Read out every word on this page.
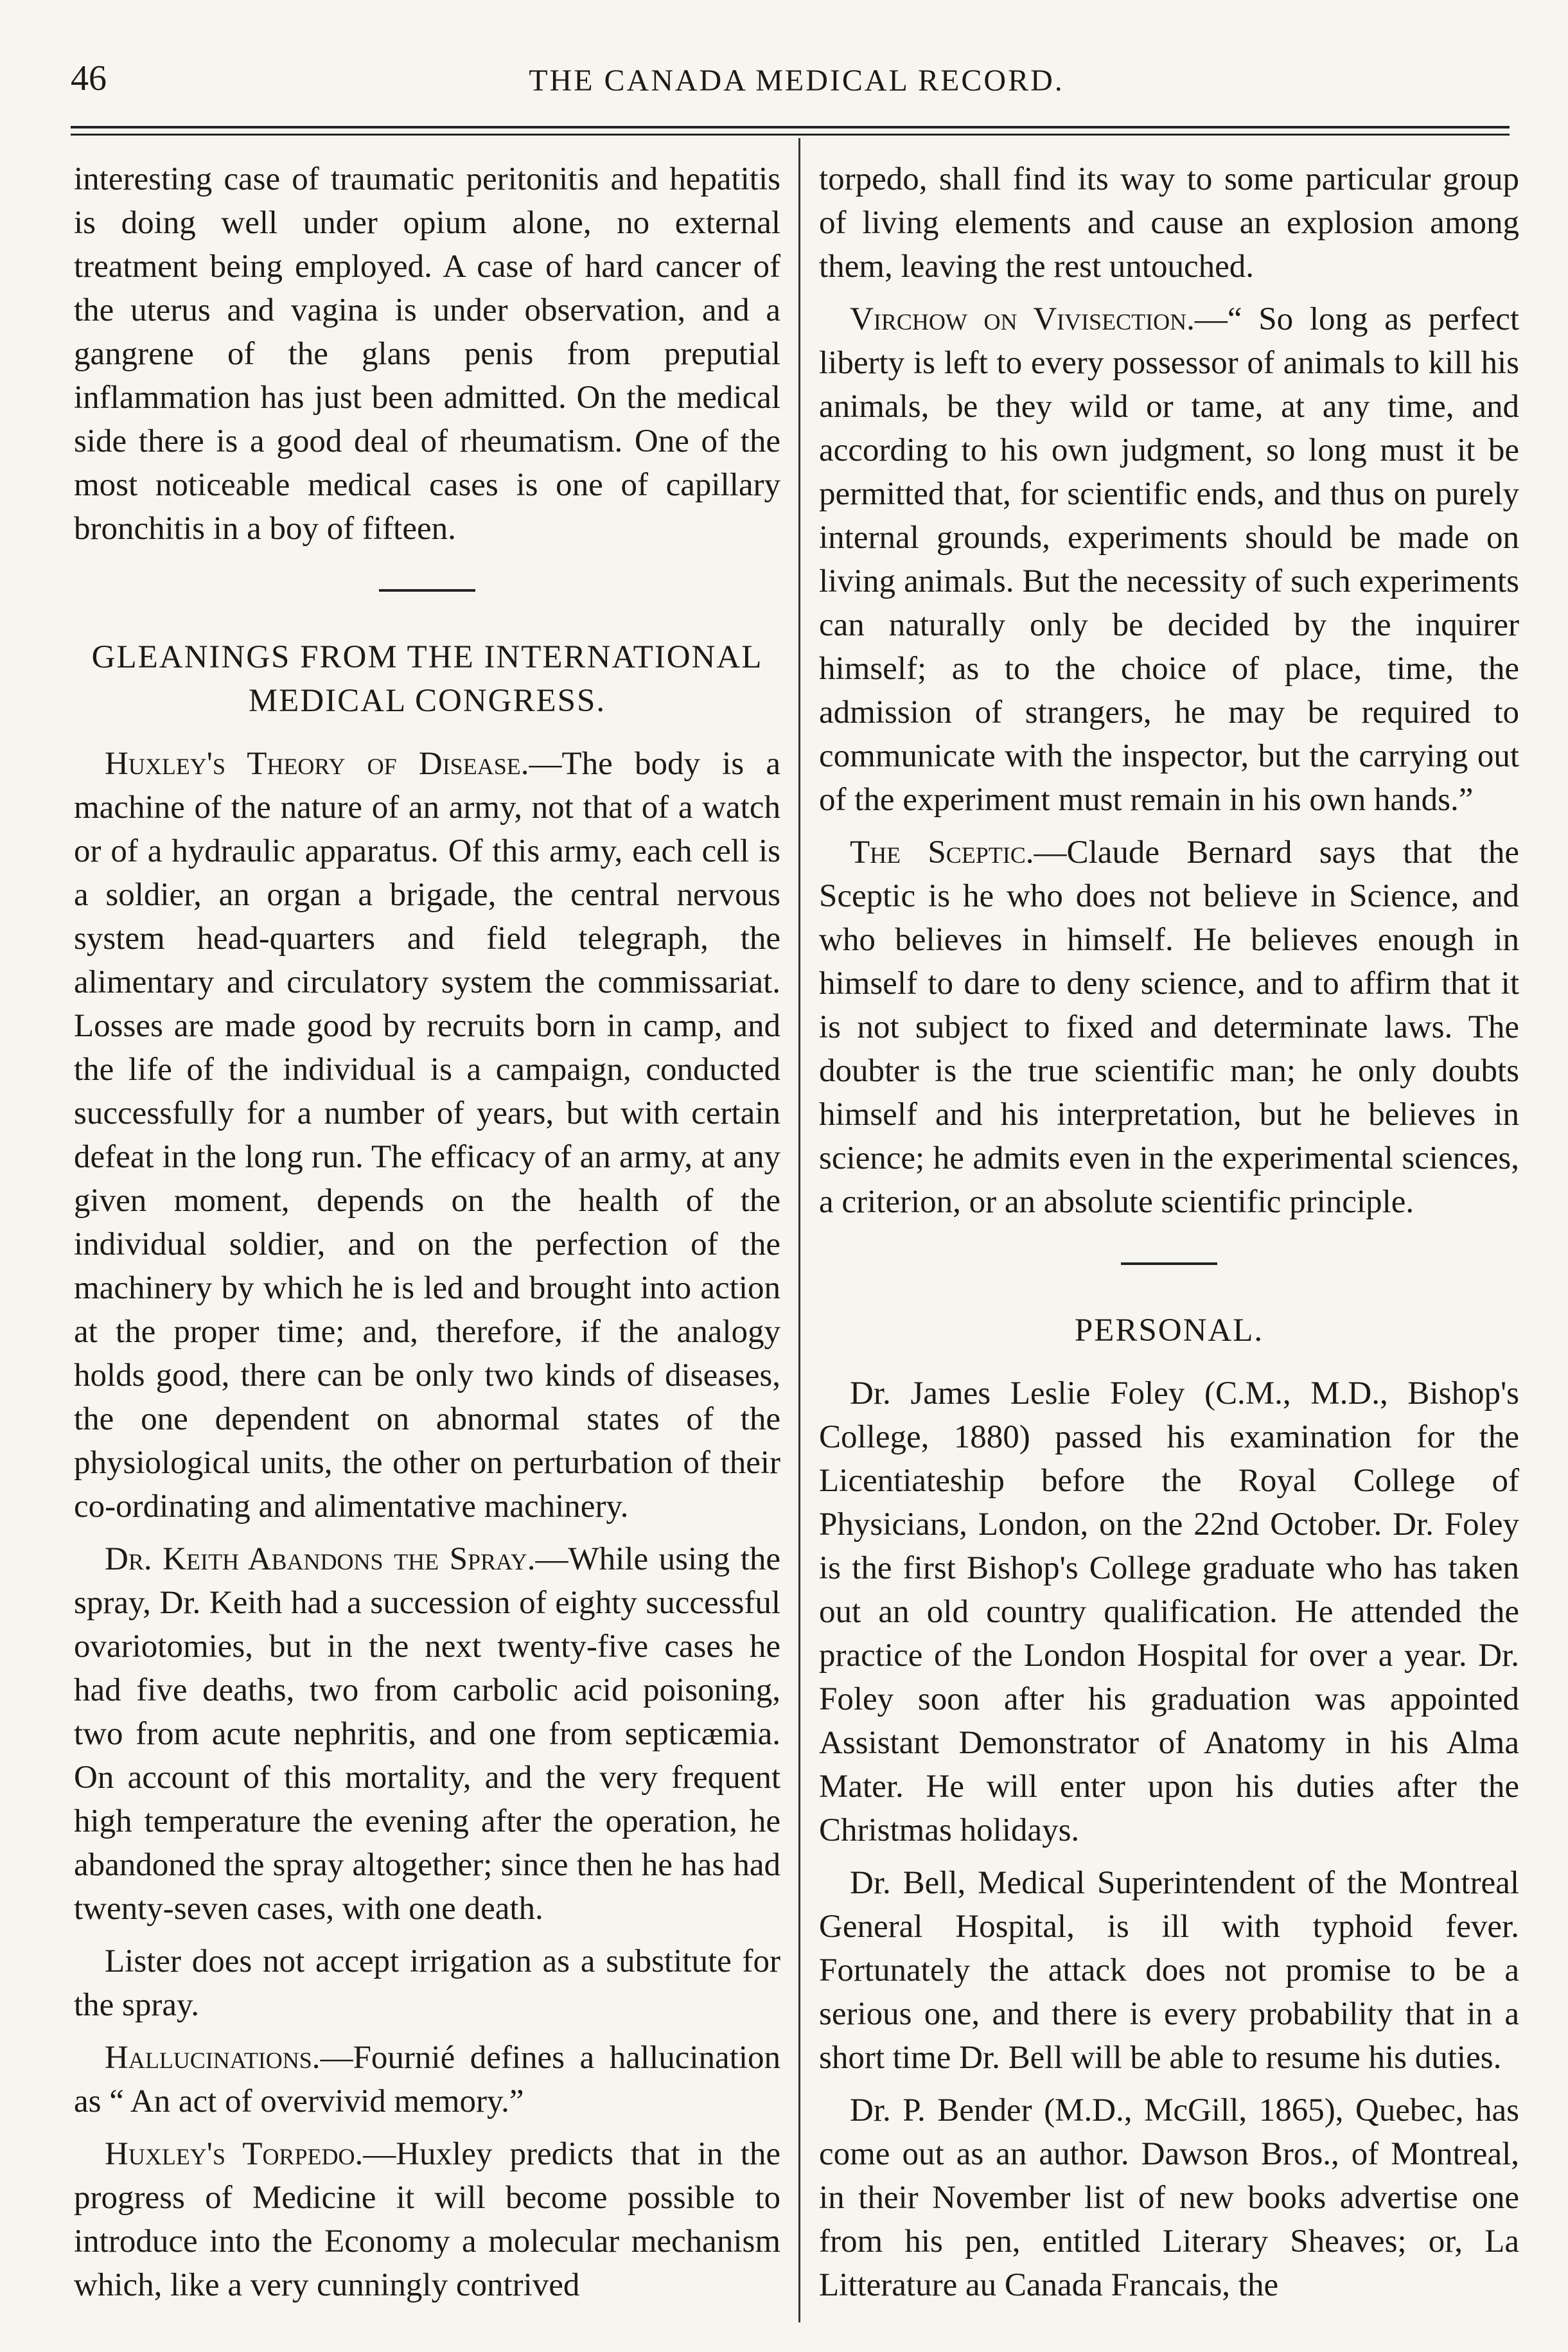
46	THE CANADA MEDICAL RECORD.

interesting case of traumatic peritonitis and hepatitis is doing well under opium alone, no external treatment being employed. A case of hard cancer of the uterus and vagina is under observation, and a gangrene of the glans penis from preputial inflammation has just been admitted. On the medical side there is a good deal of rheumatism. One of the most noticeable medical cases is one of capillary bronchitis in a boy of fifteen.

GLEANINGS FROM THE INTERNATIONAL MEDICAL CONGRESS.

Huxley's Theory of Disease.—The body is a machine of the nature of an army, not that of a watch or of a hydraulic apparatus. Of this army, each cell is a soldier, an organ a brigade, the central nervous system head-quarters and field telegraph, the alimentary and circulatory system the commissariat. Losses are made good by recruits born in camp, and the life of the individual is a campaign, conducted successfully for a number of years, but with certain defeat in the long run. The efficacy of an army, at any given moment, depends on the health of the individual soldier, and on the perfection of the machinery by which he is led and brought into action at the proper time; and, therefore, if the analogy holds good, there can be only two kinds of diseases, the one dependent on abnormal states of the physiological units, the other on perturbation of their co-ordinating and alimentative machinery.

Dr. Keith Abandons the Spray.—While using the spray, Dr. Keith had a succession of eighty successful ovariotomies, but in the next twenty-five cases he had five deaths, two from carbolic acid poisoning, two from acute nephritis, and one from septicæmia. On account of this mortality, and the very frequent high temperature the evening after the operation, he abandoned the spray altogether; since then he has had twenty-seven cases, with one death.

Lister does not accept irrigation as a substitute for the spray.

Hallucinations.—Fournié defines a hallucination as “ An act of overvivid memory.”

Huxley's Torpedo.—Huxley predicts that in the progress of Medicine it will become possible to introduce into the Economy a molecular mechanism which, like a very cunningly contrived

torpedo, shall find its way to some particular group of living elements and cause an explosion among them, leaving the rest untouched.

Virchow on Vivisection.—“ So long as perfect liberty is left to every possessor of animals to kill his animals, be they wild or tame, at any time, and according to his own judgment, so long must it be permitted that, for scientific ends, and thus on purely internal grounds, experiments should be made on living animals. But the necessity of such experiments can naturally only be decided by the inquirer himself; as to the choice of place, time, the admission of strangers, he may be required to communicate with the inspector, but the carrying out of the experiment must remain in his own hands.”

The Sceptic.—Claude Bernard says that the Sceptic is he who does not believe in Science, and who believes in himself. He believes enough in himself to dare to deny science, and to affirm that it is not subject to fixed and determinate laws. The doubter is the true scientific man; he only doubts himself and his interpretation, but he believes in science; he admits even in the experimental sciences, a criterion, or an absolute scientific principle.

PERSONAL.

Dr. James Leslie Foley (C.M., M.D., Bishop's College, 1880) passed his examination for the Licentiateship before the Royal College of Physicians, London, on the 22nd October. Dr. Foley is the first Bishop's College graduate who has taken out an old country qualification. He attended the practice of the London Hospital for over a year. Dr. Foley soon after his graduation was appointed Assistant Demonstrator of Anatomy in his Alma Mater. He will enter upon his duties after the Christmas holidays.

Dr. Bell, Medical Superintendent of the Montreal General Hospital, is ill with typhoid fever. Fortunately the attack does not promise to be a serious one, and there is every probability that in a short time Dr. Bell will be able to resume his duties.

Dr. P. Bender (M.D., McGill, 1865), Quebec, has come out as an author. Dawson Bros., of Montreal, in their November list of new books advertise one from his pen, entitled Literary Sheaves; or, La Litterature au Canada Francais, the
